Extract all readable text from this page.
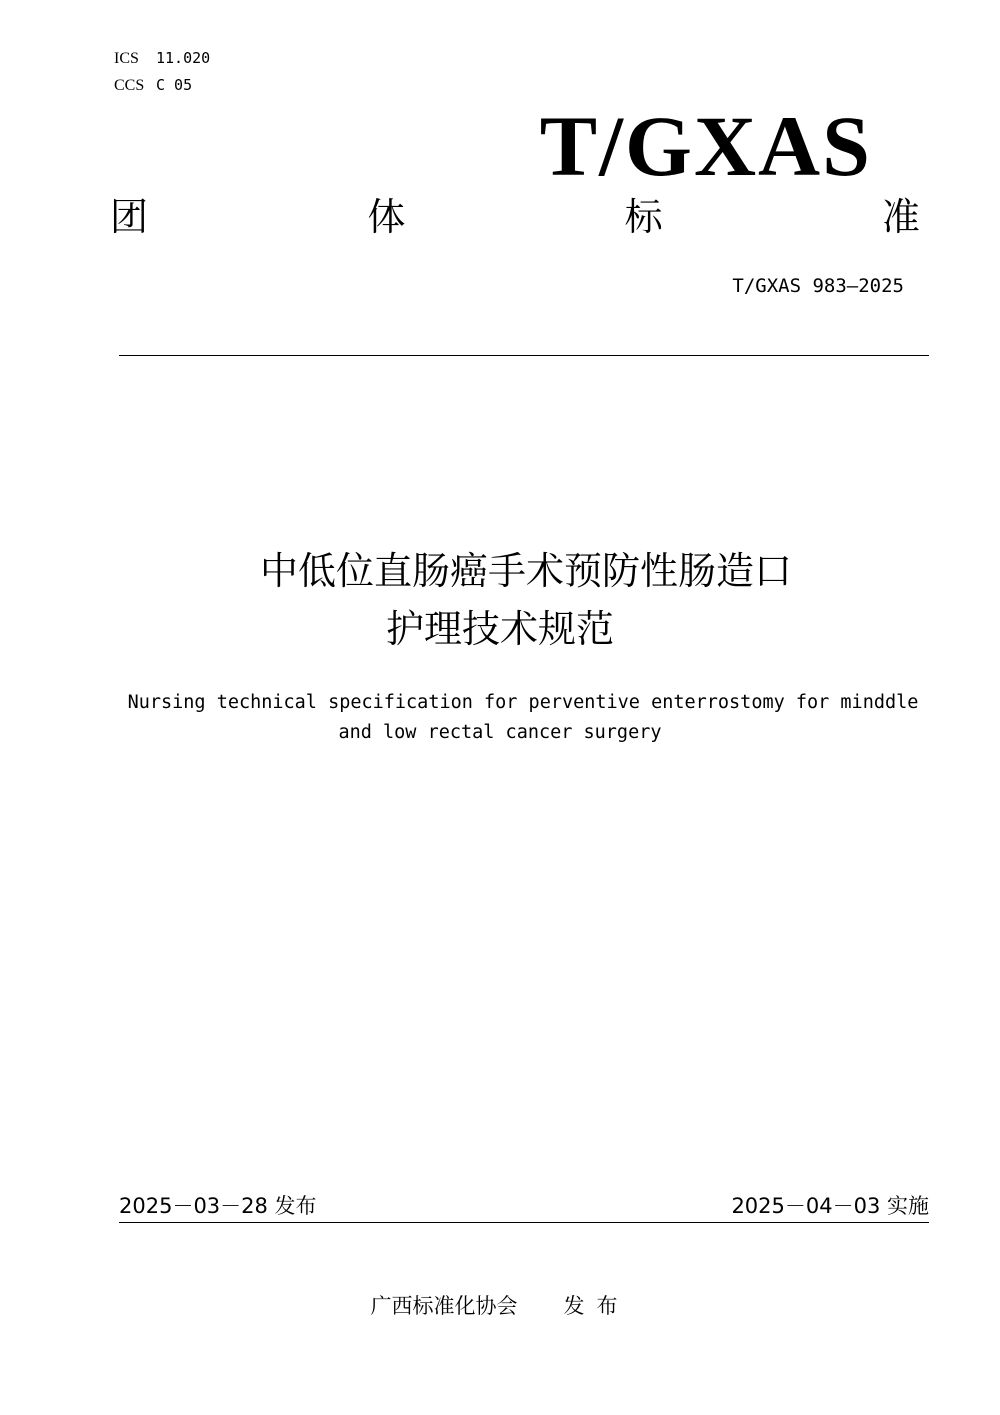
ICS 11.020
CCS C 05
T/GXAS
团	体	标	准
T/GXAS 983—2025
中低位直肠癌手术预防性肠造口
护理技术规范
Nursing technical specification for perventive enterrostomy for minddle
and low rectal cancer surgery
2025－03－28 发布	2025－04－03 实施
广西标准化协会 发布
